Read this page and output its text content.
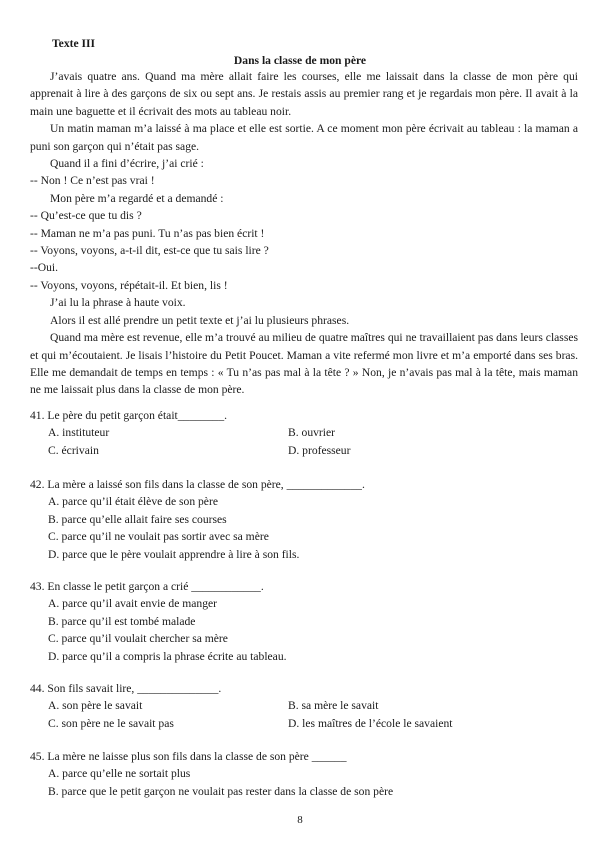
Texte III
Dans la classe de mon père

J’avais quatre ans. Quand ma mère allait faire les courses, elle me laissait dans la classe de mon père qui apprenait à lire à des garçons de six ou sept ans. Je restais assis au premier rang et je regardais mon père. Il avait à la main une baguette et il écrivait des mots au tableau noir.

Un matin maman m’a laissé à ma place et elle est sortie. A ce moment mon père écrivait au tableau : la maman a puni son garçon qui n’était pas sage.

Quand il a fini d’écrire, j’ai crié :

-- Non ! Ce n’est pas vrai !

Mon père m’a regardé et a demandé :

-- Qu’est-ce que tu dis ?

-- Maman ne m’a pas puni. Tu n’as pas bien écrit !

-- Voyons, voyons, a-t-il dit, est-ce que tu sais lire ?

--Oui.

-- Voyons, voyons, répétait-il. Et bien, lis !

J’ai lu la phrase à haute voix.

Alors il est allé prendre un petit texte et j’ai lu plusieurs phrases.

Quand ma mère est revenue, elle m’a trouvé au milieu de quatre maîtres qui ne travaillaient pas dans leurs classes et qui m’écoutaient. Je lisais l’histoire du Petit Poucet. Maman a vite refermé mon livre et m’a emporté dans ses bras. Elle me demandait de temps en temps : « Tu n’as pas mal à la tête ? » Non, je n’avais pas mal à la tête, mais maman ne me laissait plus dans la classe de mon père.

41. Le père du petit garçon était________.

A. instituteur	B. ouvrier

C. écrivain	D. professeur

42. La mère a laissé son fils dans la classe de son père, _____________.

A. parce qu’il était élève de son père

B. parce qu’elle allait faire ses courses

C. parce qu’il ne voulait pas sortir avec sa mère

D. parce que le père voulait apprendre à lire à son fils.

43. En classe le petit garçon a crié ____________.

A. parce qu’il avait envie de manger

B. parce qu’il est tombé malade

C. parce qu’il voulait chercher sa mère

D. parce qu’il a compris la phrase écrite au tableau.

44. Son fils savait lire, ______________.

A. son père le savait	B. sa mère le savait

C. son père ne le savait pas	D. les maîtres de l’école le savaient

45. La mère ne laisse plus son fils dans la classe de son père ______

A. parce qu’elle ne sortait plus

B. parce que le petit garçon ne voulait pas rester dans la classe de son père

8
